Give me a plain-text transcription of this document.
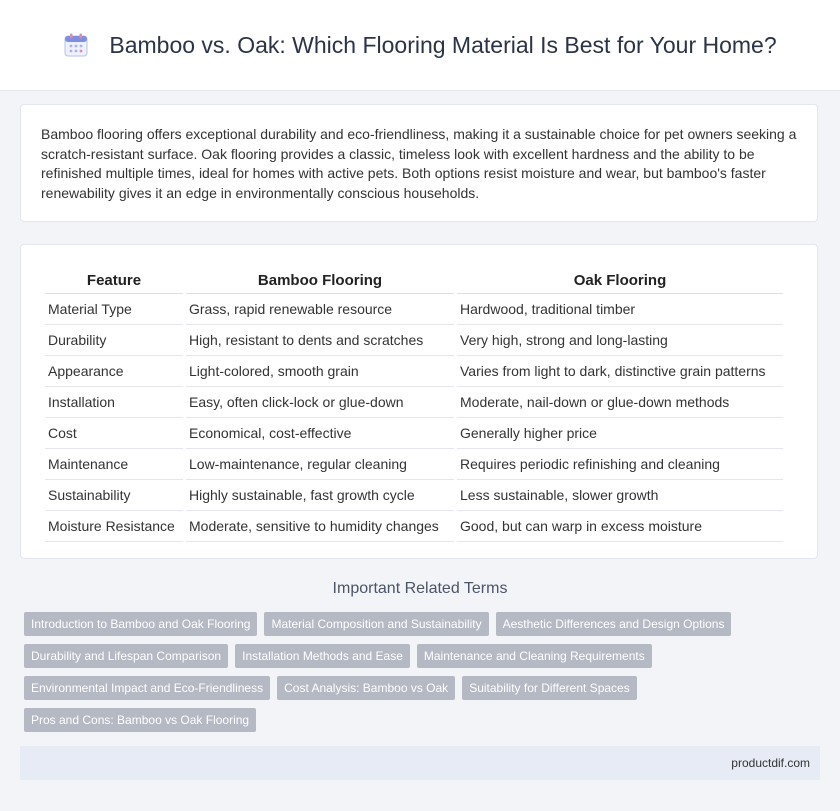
Bamboo vs. Oak: Which Flooring Material Is Best for Your Home?

Bamboo flooring offers exceptional durability and eco-friendliness, making it a sustainable choice for pet owners seeking a scratch-resistant surface. Oak flooring provides a classic, timeless look with excellent hardness and the ability to be refinished multiple times, ideal for homes with active pets. Both options resist moisture and wear, but bamboo's faster renewability gives it an edge in environmentally conscious households.

Feature	Bamboo Flooring	Oak Flooring
Material Type	Grass, rapid renewable resource	Hardwood, traditional timber
Durability	High, resistant to dents and scratches	Very high, strong and long-lasting
Appearance	Light-colored, smooth grain	Varies from light to dark, distinctive grain patterns
Installation	Easy, often click-lock or glue-down	Moderate, nail-down or glue-down methods
Cost	Economical, cost-effective	Generally higher price
Maintenance	Low-maintenance, regular cleaning	Requires periodic refinishing and cleaning
Sustainability	Highly sustainable, fast growth cycle	Less sustainable, slower growth
Moisture Resistance	Moderate, sensitive to humidity changes	Good, but can warp in excess moisture
Important Related Terms
Introduction to Bamboo and Oak Flooring	Material Composition and Sustainability	Aesthetic Differences and Design Options
Durability and Lifespan Comparison	Installation Methods and Ease	Maintenance and Cleaning Requirements
Environmental Impact and Eco-Friendliness	Cost Analysis: Bamboo vs Oak	Suitability for Different Spaces
Pros and Cons: Bamboo vs Oak Flooring
productdif.com
